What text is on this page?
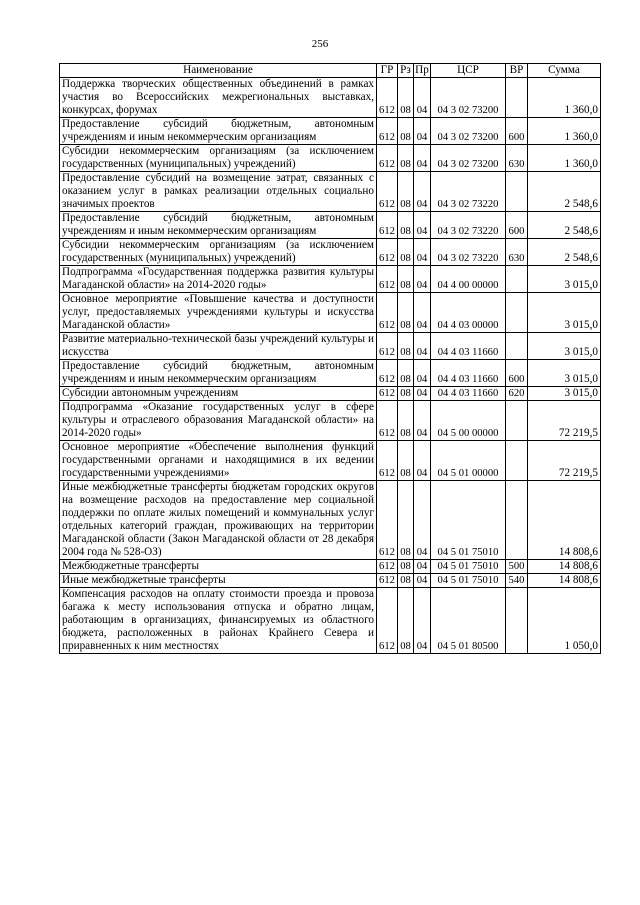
256
Наименование	ГР	Рз	Пр	ЦСР	ВР	Сумма
Поддержка творческих общественных объединений в рамках участия во Всероссийских межрегиональных выставках, конкурсах, форумах	612	08	04	04 3 02 73200		1 360,0
Предоставление субсидий бюджетным, автономным учреждениям и иным некоммерческим организациям	612	08	04	04 3 02 73200	600	1 360,0
Субсидии некоммерческим организациям (за исключением государственных (муниципальных) учреждений)	612	08	04	04 3 02 73200	630	1 360,0
Предоставление субсидий на возмещение затрат, связанных с оказанием услуг в рамках реализации отдельных социально значимых проектов	612	08	04	04 3 02 73220		2 548,6
Предоставление субсидий бюджетным, автономным учреждениям и иным некоммерческим организациям	612	08	04	04 3 02 73220	600	2 548,6
Субсидии некоммерческим организациям (за исключением государственных (муниципальных) учреждений)	612	08	04	04 3 02 73220	630	2 548,6
Подпрограмма «Государственная поддержка развития культуры Магаданской области» на 2014-2020 годы»	612	08	04	04 4 00 00000		3 015,0
Основное мероприятие «Повышение качества и доступности услуг, предоставляемых учреждениями культуры и искусства Магаданской области»	612	08	04	04 4 03 00000		3 015,0
Развитие материально-технической базы учреждений культуры и искусства	612	08	04	04 4 03 11660		3 015,0
Предоставление субсидий бюджетным, автономным учреждениям и иным некоммерческим организациям	612	08	04	04 4 03 11660	600	3 015,0
Субсидии автономным учреждениям	612	08	04	04 4 03 11660	620	3 015,0
Подпрограмма «Оказание государственных услуг в сфере культуры и отраслевого образования Магаданской области» на 2014-2020 годы»	612	08	04	04 5 00 00000		72 219,5
Основное мероприятие «Обеспечение выполнения функций государственными органами и находящимися в их ведении государственными учреждениями»	612	08	04	04 5 01 00000		72 219,5
Иные межбюджетные трансферты бюджетам городских округов на возмещение расходов на предоставление мер социальной поддержки по оплате жилых помещений и коммунальных услуг отдельных категорий граждан, проживающих на территории Магаданской области (Закон Магаданской области от 28 декабря 2004 года № 528-ОЗ)	612	08	04	04 5 01 75010		14 808,6
Межбюджетные трансферты	612	08	04	04 5 01 75010	500	14 808,6
Иные межбюджетные трансферты	612	08	04	04 5 01 75010	540	14 808,6
Компенсация расходов на оплату стоимости проезда и провоза багажа к месту использования отпуска и обратно лицам, работающим в организациях, финансируемых из областного бюджета, расположенных в районах Крайнего Севера и приравненных к ним местностях	612	08	04	04 5 01 80500		1 050,0
